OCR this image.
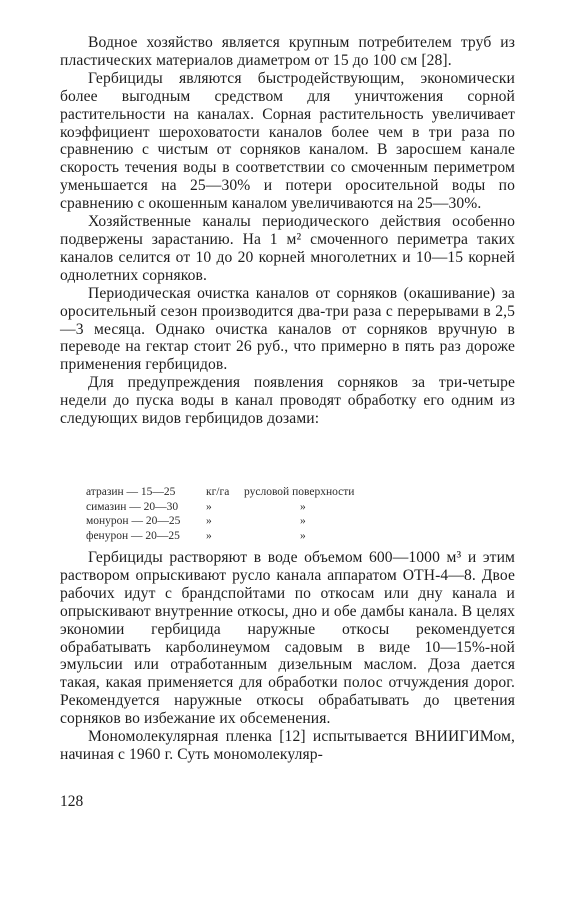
Водное хозяйство является крупным потребителем труб из пластических материалов диаметром от 15 до 100 см [28].

Гербициды являются быстродействующим, экономически более выгодным средством для уничтожения сорной растительности на каналах. Сорная растительность увеличивает коэффициент шероховатости каналов более чем в три раза по сравнению с чистым от сорняков каналом. В заросшем канале скорость течения воды в соответствии со смоченным периметром уменьшается на 25—30% и потери оросительной воды по сравнению с окошенным каналом увеличиваются на 25—30%.

Хозяйственные каналы периодического действия особенно подвержены зарастанию. На 1 м² смоченного периметра таких каналов селится от 10 до 20 корней многолетних и 10—15 корней однолетних сорняков.

Периодическая очистка каналов от сорняков (окашивание) за оросительный сезон производится два-три раза с перерывами в 2,5—3 месяца. Однако очистка каналов от сорняков вручную в переводе на гектар стоит 26 руб., что примерно в пять раз дороже применения гербицидов.

Для предупреждения появления сорняков за три-четыре недели до пуска воды в канал проводят обработку его одним из следующих видов гербицидов дозами:

атразин — 15—25	кг/га	русловой поверхности
симазин — 20—30	»	»
монурон — 20—25	»	»
фенурон — 20—25	»	»

Гербициды растворяют в воде объемом 600—1000 м³ и этим раствором опрыскивают русло канала аппаратом ОТН-4—8. Двое рабочих идут с брандспойтами по откосам или дну канала и опрыскивают внутренние откосы, дно и обе дамбы канала. В целях экономии гербицида наружные откосы рекомендуется обрабатывать карболинеумом садовым в виде 10—15%-ной эмульсии или отработанным дизельным маслом. Доза дается такая, какая применяется для обработки полос отчуждения дорог. Рекомендуется наружные откосы обрабатывать до цветения сорняков во избежание их обсеменения.

Мономолекулярная пленка [12] испытывается ВНИИГИМом, начиная с 1960 г. Суть мономолекуляр-

128
